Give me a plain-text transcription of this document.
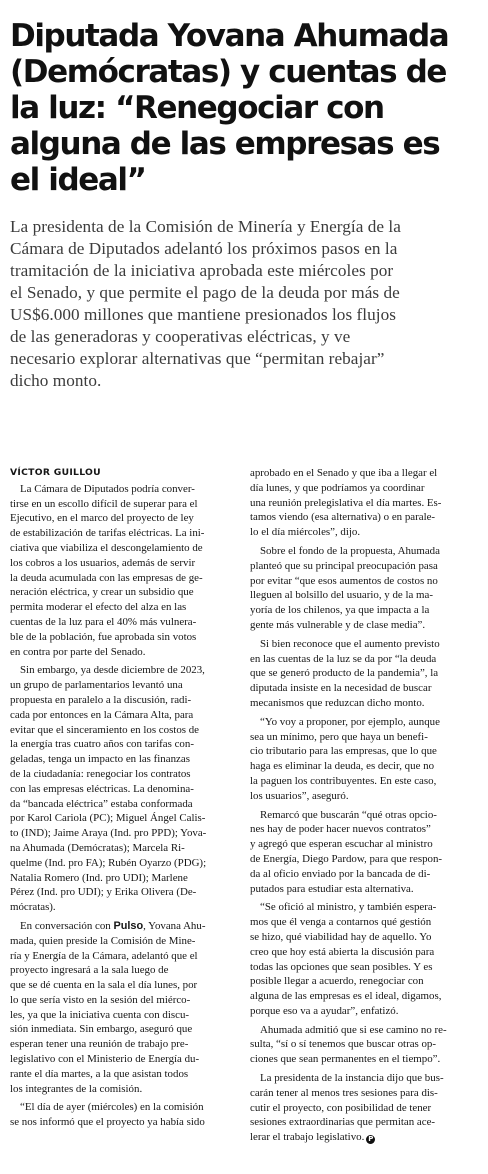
Diputada Yovana Ahumada
(Demócratas) y cuentas de
la luz: “Renegociar con
alguna de las empresas es
el ideal”

La presidenta de la Comisión de Minería y Energía de la
Cámara de Diputados adelantó los próximos pasos en la
tramitación de la iniciativa aprobada este miércoles por
el Senado, y que permite el pago de la deuda por más de
US$6.000 millones que mantiene presionados los flujos
de las generadoras y cooperativas eléctricas, y ve
necesario explorar alternativas que “permitan rebajar”
dicho monto.

VÍCTOR GUILLOU

La Cámara de Diputados podría conver-
tirse en un escollo difícil de superar para el
Ejecutivo, en el marco del proyecto de ley
de estabilización de tarifas eléctricas. La ini-
ciativa que viabiliza el descongelamiento de
los cobros a los usuarios, además de servir
la deuda acumulada con las empresas de ge-
neración eléctrica, y crear un subsidio que
permita moderar el efecto del alza en las
cuentas de la luz para el 40% más vulnera-
ble de la población, fue aprobada sin votos
en contra por parte del Senado.

Sin embargo, ya desde diciembre de 2023,
un grupo de parlamentarios levantó una
propuesta en paralelo a la discusión, radi-
cada por entonces en la Cámara Alta, para
evitar que el sinceramiento en los costos de
la energía tras cuatro años con tarifas con-
geladas, tenga un impacto en las finanzas
de la ciudadanía: renegociar los contratos
con las empresas eléctricas. La denomina-
da “bancada eléctrica” estaba conformada
por Karol Cariola (PC); Miguel Ángel Calis-
to (IND); Jaime Araya (Ind. pro PPD); Yova-
na Ahumada (Demócratas); Marcela Ri-
quelme (Ind. pro FA); Rubén Oyarzo (PDG);
Natalia Romero (Ind. pro UDI); Marlene
Pérez (Ind. pro UDI); y Erika Olivera (De-
mócratas).

En conversación con Pulso, Yovana Ahu-
mada, quien preside la Comisión de Mine-
ría y Energía de la Cámara, adelantó que el
proyecto ingresará a la sala luego de
que se dé cuenta en la sala el día lunes, por
lo que sería visto en la sesión del miérco-
les, ya que la iniciativa cuenta con discu-
sión inmediata. Sin embargo, aseguró que
esperan tener una reunión de trabajo pre-
legislativo con el Ministerio de Energía du-
rante el día martes, a la que asistan todos
los integrantes de la comisión.

“El día de ayer (miércoles) en la comisión
se nos informó que el proyecto ya había sido

aprobado en el Senado y que iba a llegar el
día lunes, y que podríamos ya coordinar
una reunión prelegislativa el día martes. Es-
tamos viendo (esa alternativa) o en parale-
lo el día miércoles”, dijo.

Sobre el fondo de la propuesta, Ahumada
planteó que su principal preocupación pasa
por evitar “que esos aumentos de costos no
lleguen al bolsillo del usuario, y de la ma-
yoría de los chilenos, ya que impacta a la
gente más vulnerable y de clase media”.

Si bien reconoce que el aumento previsto
en las cuentas de la luz se da por “la deuda
que se generó producto de la pandemia”, la
diputada insiste en la necesidad de buscar
mecanismos que reduzcan dicho monto.

“Yo voy a proponer, por ejemplo, aunque
sea un mínimo, pero que haya un benefi-
cio tributario para las empresas, que lo que
haga es eliminar la deuda, es decir, que no
la paguen los contribuyentes. En este caso,
los usuarios”, aseguró.

Remarcó que buscarán “qué otras opcio-
nes hay de poder hacer nuevos contratos”
y agregó que esperan escuchar al ministro
de Energía, Diego Pardow, para que respon-
da al oficio enviado por la bancada de di-
putados para estudiar esta alternativa.

“Se ofició al ministro, y también espera-
mos que él venga a contarnos qué gestión
se hizo, qué viabilidad hay de aquello. Yo
creo que hoy está abierta la discusión para
todas las opciones que sean posibles. Y es
posible llegar a acuerdo, renegociar con
alguna de las empresas es el ideal, digamos,
porque eso va a ayudar”, enfatizó.

Ahumada admitió que si ese camino no re-
sulta, “sí o sí tenemos que buscar otras op-
ciones que sean permanentes en el tiempo”.

La presidenta de la instancia dijo que bus-
carán tener al menos tres sesiones para dis-
cutir el proyecto, con posibilidad de tener
sesiones extraordinarias que permitan ace-
lerar el trabajo legislativo. P
